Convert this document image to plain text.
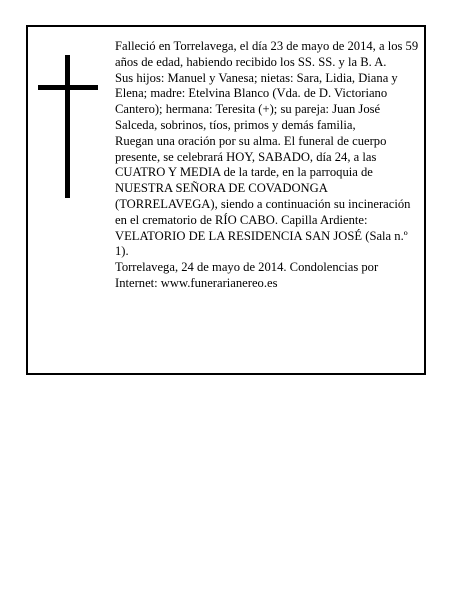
Falleció en Torrelavega, el día 23 de mayo de 2014, a los 59 años de edad, habiendo recibido los SS. SS. y la B. A.

Sus hijos: Manuel y Vanesa; nietas: Sara, Lidia, Diana y Elena; madre: Etelvina Blanco (Vda. de D. Victoriano Cantero); hermana: Teresita (+); su pareja: Juan José Salceda, sobrinos, tíos, primos y demás familia,

Ruegan una oración por su alma. El funeral de cuerpo presente, se celebrará HOY, SABADO, día 24, a las CUATRO Y MEDIA de la tarde, en la parroquia de NUESTRA SEÑORA DE COVADONGA (TORRELAVEGA), siendo a continuación su incineración en el crematorio de RÍO CABO. Capilla Ardiente: VELATORIO DE LA RESIDENCIA SAN JOSÉ (Sala n.º 1).

Torrelavega, 24 de mayo de 2014. Condolencias por Internet: www.funerarianereo.es
